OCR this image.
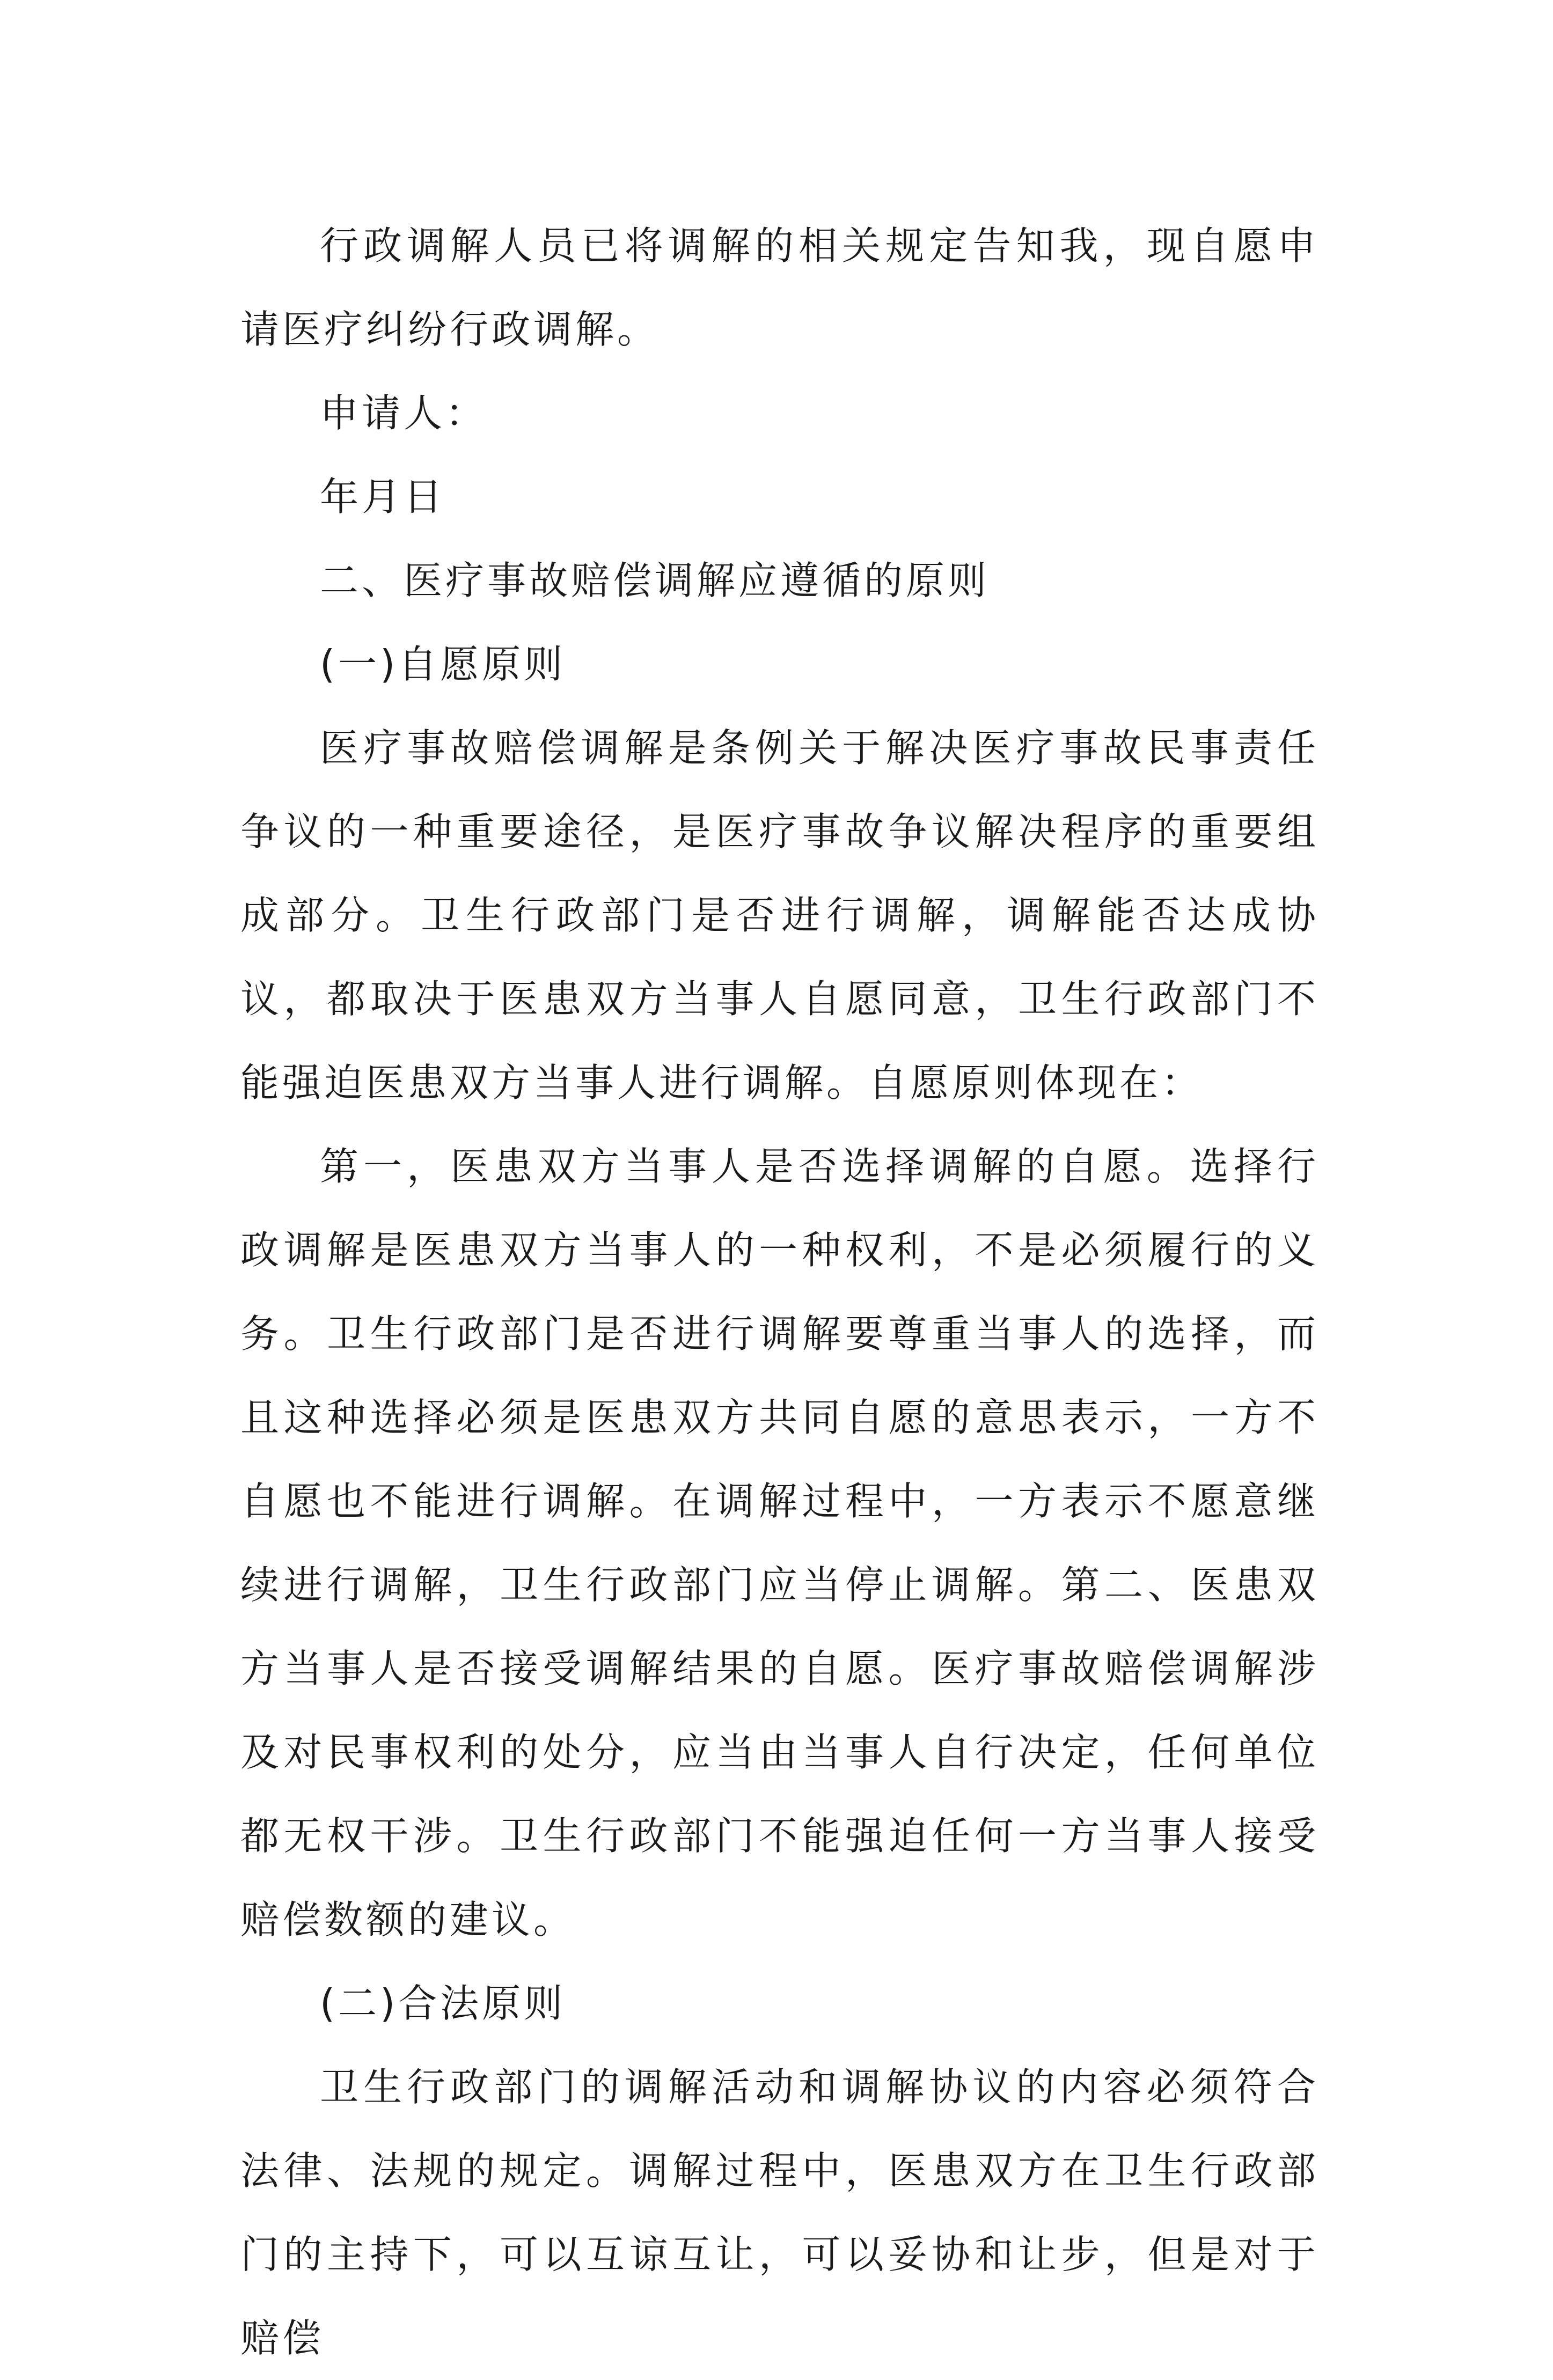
行政调解人员已将调解的相关规定告知我，现自愿申请医疗纠纷行政调解。

申请人：

年月日

二、医疗事故赔偿调解应遵循的原则

(一)自愿原则

医疗事故赔偿调解是条例关于解决医疗事故民事责任争议的一种重要途径，是医疗事故争议解决程序的重要组成部分。卫生行政部门是否进行调解，调解能否达成协议，都取决于医患双方当事人自愿同意，卫生行政部门不能强迫医患双方当事人进行调解。自愿原则体现在：

第一，医患双方当事人是否选择调解的自愿。选择行政调解是医患双方当事人的一种权利，不是必须履行的义务。卫生行政部门是否进行调解要尊重当事人的选择，而且这种选择必须是医患双方共同自愿的意思表示，一方不自愿也不能进行调解。在调解过程中，一方表示不愿意继续进行调解，卫生行政部门应当停止调解。第二、医患双方当事人是否接受调解结果的自愿。医疗事故赔偿调解涉及对民事权利的处分，应当由当事人自行决定，任何单位都无权干涉。卫生行政部门不能强迫任何一方当事人接受赔偿数额的建议。

(二)合法原则

卫生行政部门的调解活动和调解协议的内容必须符合法律、法规的规定。调解过程中，医患双方在卫生行政部门的主持下，可以互谅互让，可以妥协和让步，但是对于赔偿
